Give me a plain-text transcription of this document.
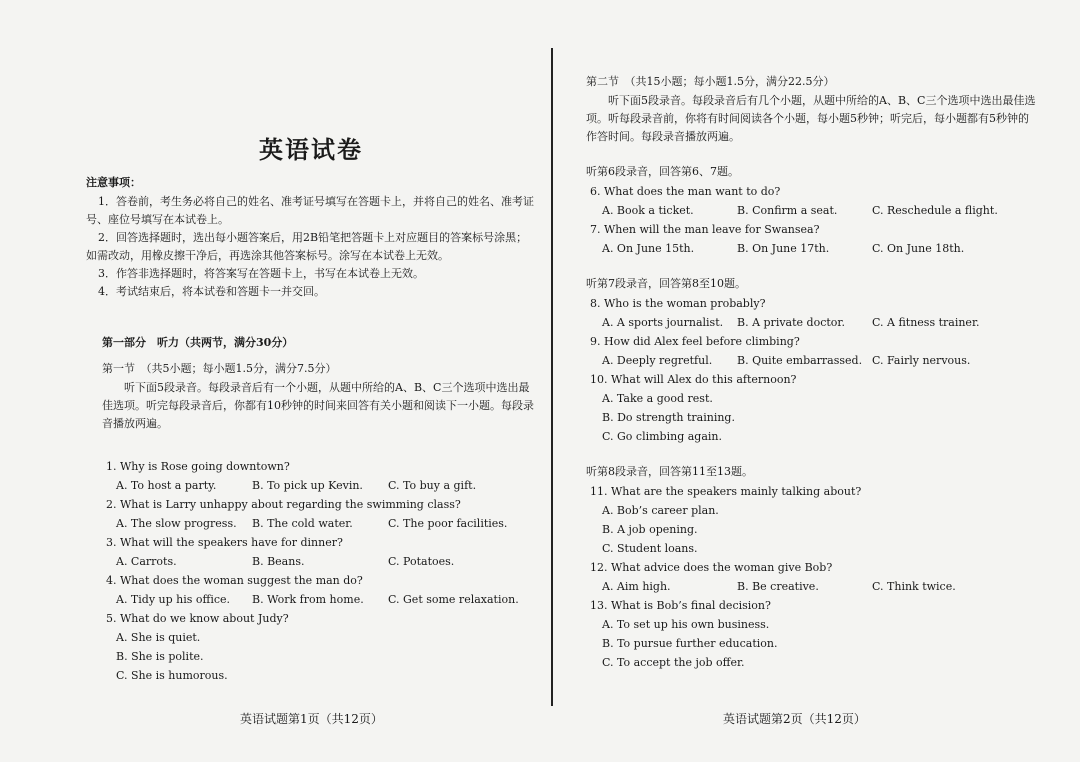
英语试卷
注意事项：

1．答卷前，考生务必将自己的姓名、准考证号填写在答题卡上，并将自己的姓名、准考证号、座位号填写在本试卷上。

2．回答选择题时，选出每小题答案后，用2B铅笔把答题卡上对应题目的答案标号涂黑；如需改动，用橡皮擦干净后，再选涂其他答案标号。涂写在本试卷上无效。

3．作答非选择题时，将答案写在答题卡上，书写在本试卷上无效。

4．考试结束后，将本试卷和答题卡一并交回。

第一部分　听力（共两节，满分30分）
第一节　（共5小题；每小题1.5分，满分7.5分）

听下面5段录音。每段录音后有一个小题，从题中所给的A、B、C三个选项中选出最佳选项。听完每段录音后，你都有10秒钟的时间来回答有关小题和阅读下一小题。每段录音播放两遍。

1. Why is Rose going downtown?
A. To host a party.	B. To pick up Kevin.	C. To buy a gift.
2. What is Larry unhappy about regarding the swimming class?
A. The slow progress.	B. The cold water.	C. The poor facilities.
3. What will the speakers have for dinner?
A. Carrots.	B. Beans.	C. Potatoes.
4. What does the woman suggest the man do?
A. Tidy up his office.	B. Work from home.	C. Get some relaxation.
5. What do we know about Judy?
A. She is quiet.
B. She is polite.
C. She is humorous.
第二节　（共15小题；每小题1.5分，满分22.5分）

听下面5段录音。每段录音后有几个小题，从题中所给的A、B、C三个选项中选出最佳选项。听每段录音前，你将有时间阅读各个小题，每小题5秒钟；听完后，每小题都有5秒钟的作答时间。每段录音播放两遍。

听第6段录音，回答第6、7题。
6. What does the man want to do?
A. Book a ticket.	B. Confirm a seat.	C. Reschedule a flight.
7. When will the man leave for Swansea?
A. On June 15th.	B. On June 17th.	C. On June 18th.
听第7段录音，回答第8至10题。
8. Who is the woman probably?
A. A sports journalist.	B. A private doctor.	C. A fitness trainer.
9. How did Alex feel before climbing?
A. Deeply regretful.	B. Quite embarrassed. C. Fairly nervous.
10. What will Alex do this afternoon?
A. Take a good rest.
B. Do strength training.
C. Go climbing again.
听第8段录音，回答第11至13题。
11. What are the speakers mainly talking about?
A. Bob’s career plan.
B. A job opening.
C. Student loans.
12. What advice does the woman give Bob?
A. Aim high.	B. Be creative.	C. Think twice.
13. What is Bob’s final decision?
A. To set up his own business.
B. To pursue further education.
C. To accept the job offer.
英语试题第1页（共12页）	英语试题第2页（共12页）
